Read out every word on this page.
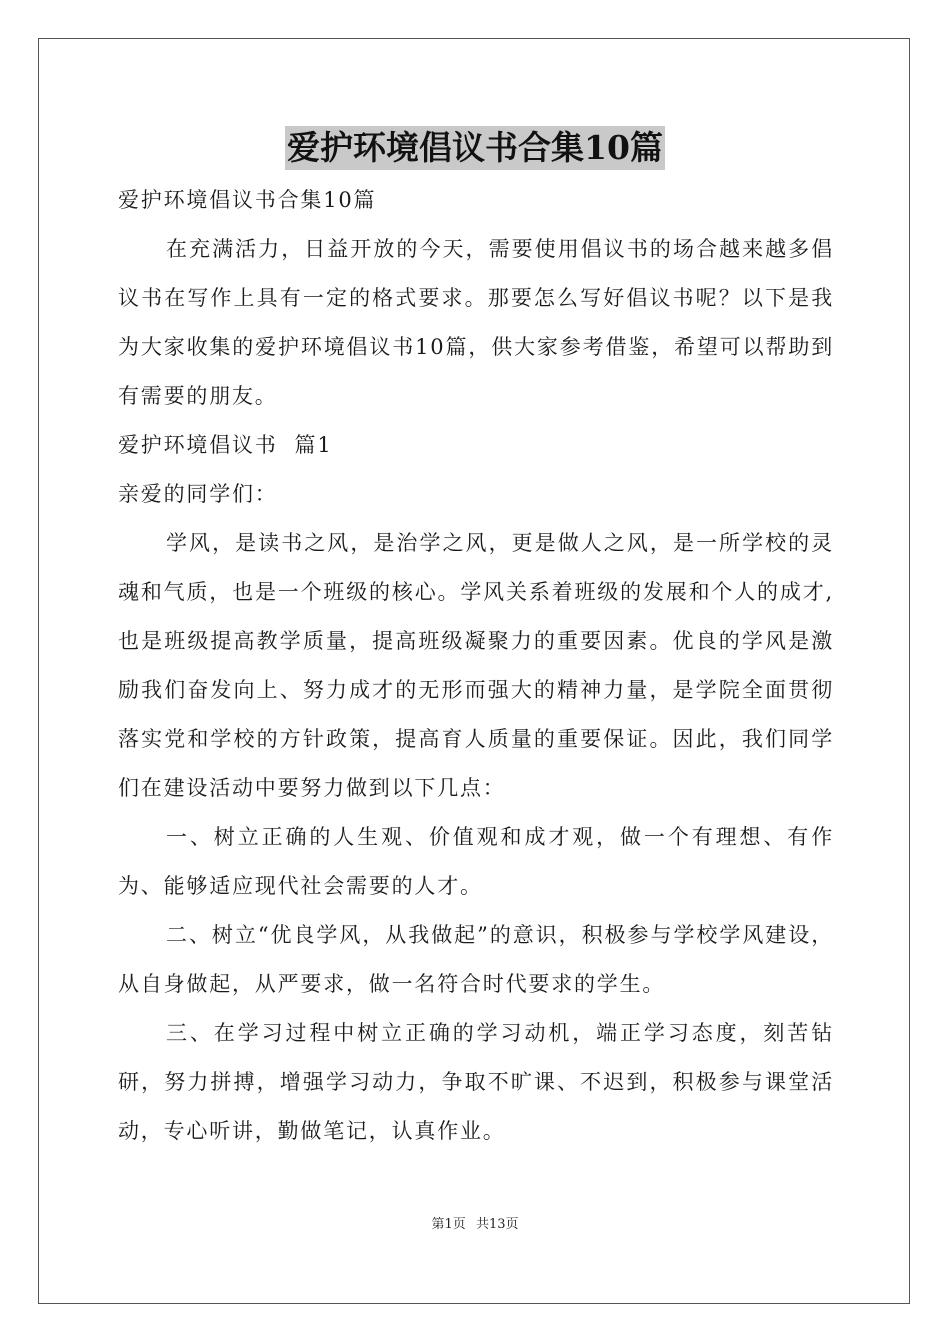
爱护环境倡议书合集10篇
爱护环境倡议书合集10篇

在充满活力，日益开放的今天，需要使用倡议书的场合越来越多倡议书在写作上具有一定的格式要求。那要怎么写好倡议书呢？以下是我为大家收集的爱护环境倡议书10篇，供大家参考借鉴，希望可以帮助到有需要的朋友。

爱护环境倡议书  篇1
亲爱的同学们：

学风，是读书之风，是治学之风，更是做人之风，是一所学校的灵魂和气质，也是一个班级的核心。学风关系着班级的发展和个人的成才,也是班级提高教学质量，提高班级凝聚力的重要因素。优良的学风是激励我们奋发向上、努力成才的无形而强大的精神力量，是学院全面贯彻落实党和学校的方针政策，提高育人质量的重要保证。因此，我们同学们在建设活动中要努力做到以下几点：

一、树立正确的人生观、价值观和成才观，做一个有理想、有作为、能够适应现代社会需要的人才。

二、树立“优良学风，从我做起”的意识，积极参与学校学风建设，从自身做起，从严要求，做一名符合时代要求的学生。

三、在学习过程中树立正确的学习动机，端正学习态度，刻苦钻研，努力拼搏，增强学习动力，争取不旷课、不迟到，积极参与课堂活动，专心听讲，勤做笔记，认真作业。

第1页 共13页
